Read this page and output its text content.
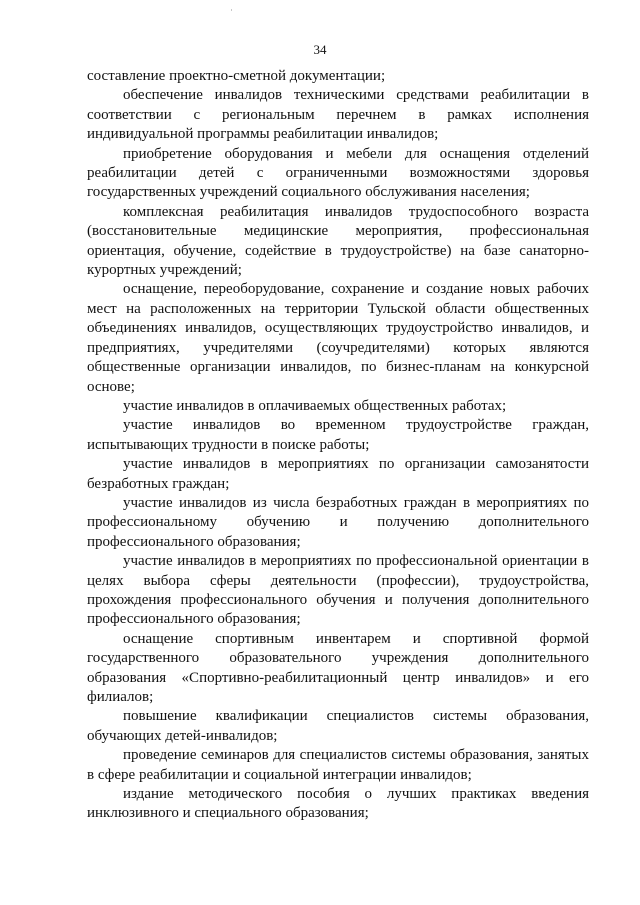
34

составление проектно-сметной документации;

обеспечение инвалидов техническими средствами реабилитации в соответствии с региональным перечнем в рамках исполнения индивидуальной программы реабилитации инвалидов;

приобретение оборудования и мебели для оснащения отделений реабилитации детей с ограниченными возможностями здоровья государственных учреждений социального обслуживания населения;

комплексная реабилитация инвалидов трудоспособного возраста (восстановительные медицинские мероприятия, профессиональная ориентация, обучение, содействие в трудоустройстве) на базе санаторно-курортных учреждений;

оснащение, переоборудование, сохранение и создание новых рабочих мест на расположенных на территории Тульской области общественных объединениях инвалидов, осуществляющих трудоустройство инвалидов, и предприятиях, учредителями (соучредителями) которых являются общественные организации инвалидов, по бизнес-планам на конкурсной основе;

участие инвалидов в оплачиваемых общественных работах;

участие инвалидов во временном трудоустройстве граждан, испытывающих трудности в поиске работы;

участие инвалидов в мероприятиях по организации самозанятости безработных граждан;

участие инвалидов из числа безработных граждан в мероприятиях по профессиональному обучению и получению дополнительного профессионального образования;

участие инвалидов в мероприятиях по профессиональной ориентации в целях выбора сферы деятельности (профессии), трудоустройства, прохождения профессионального обучения и получения дополнительного профессионального образования;

оснащение спортивным инвентарем и спортивной формой государственного образовательного учреждения дополнительного образования «Спортивно-реабилитационный центр инвалидов» и его филиалов;

повышение квалификации специалистов системы образования, обучающих детей-инвалидов;

проведение семинаров для специалистов системы образования, занятых в сфере реабилитации и социальной интеграции инвалидов;

издание методического пособия о лучших практиках введения инклюзивного и специального образования;
